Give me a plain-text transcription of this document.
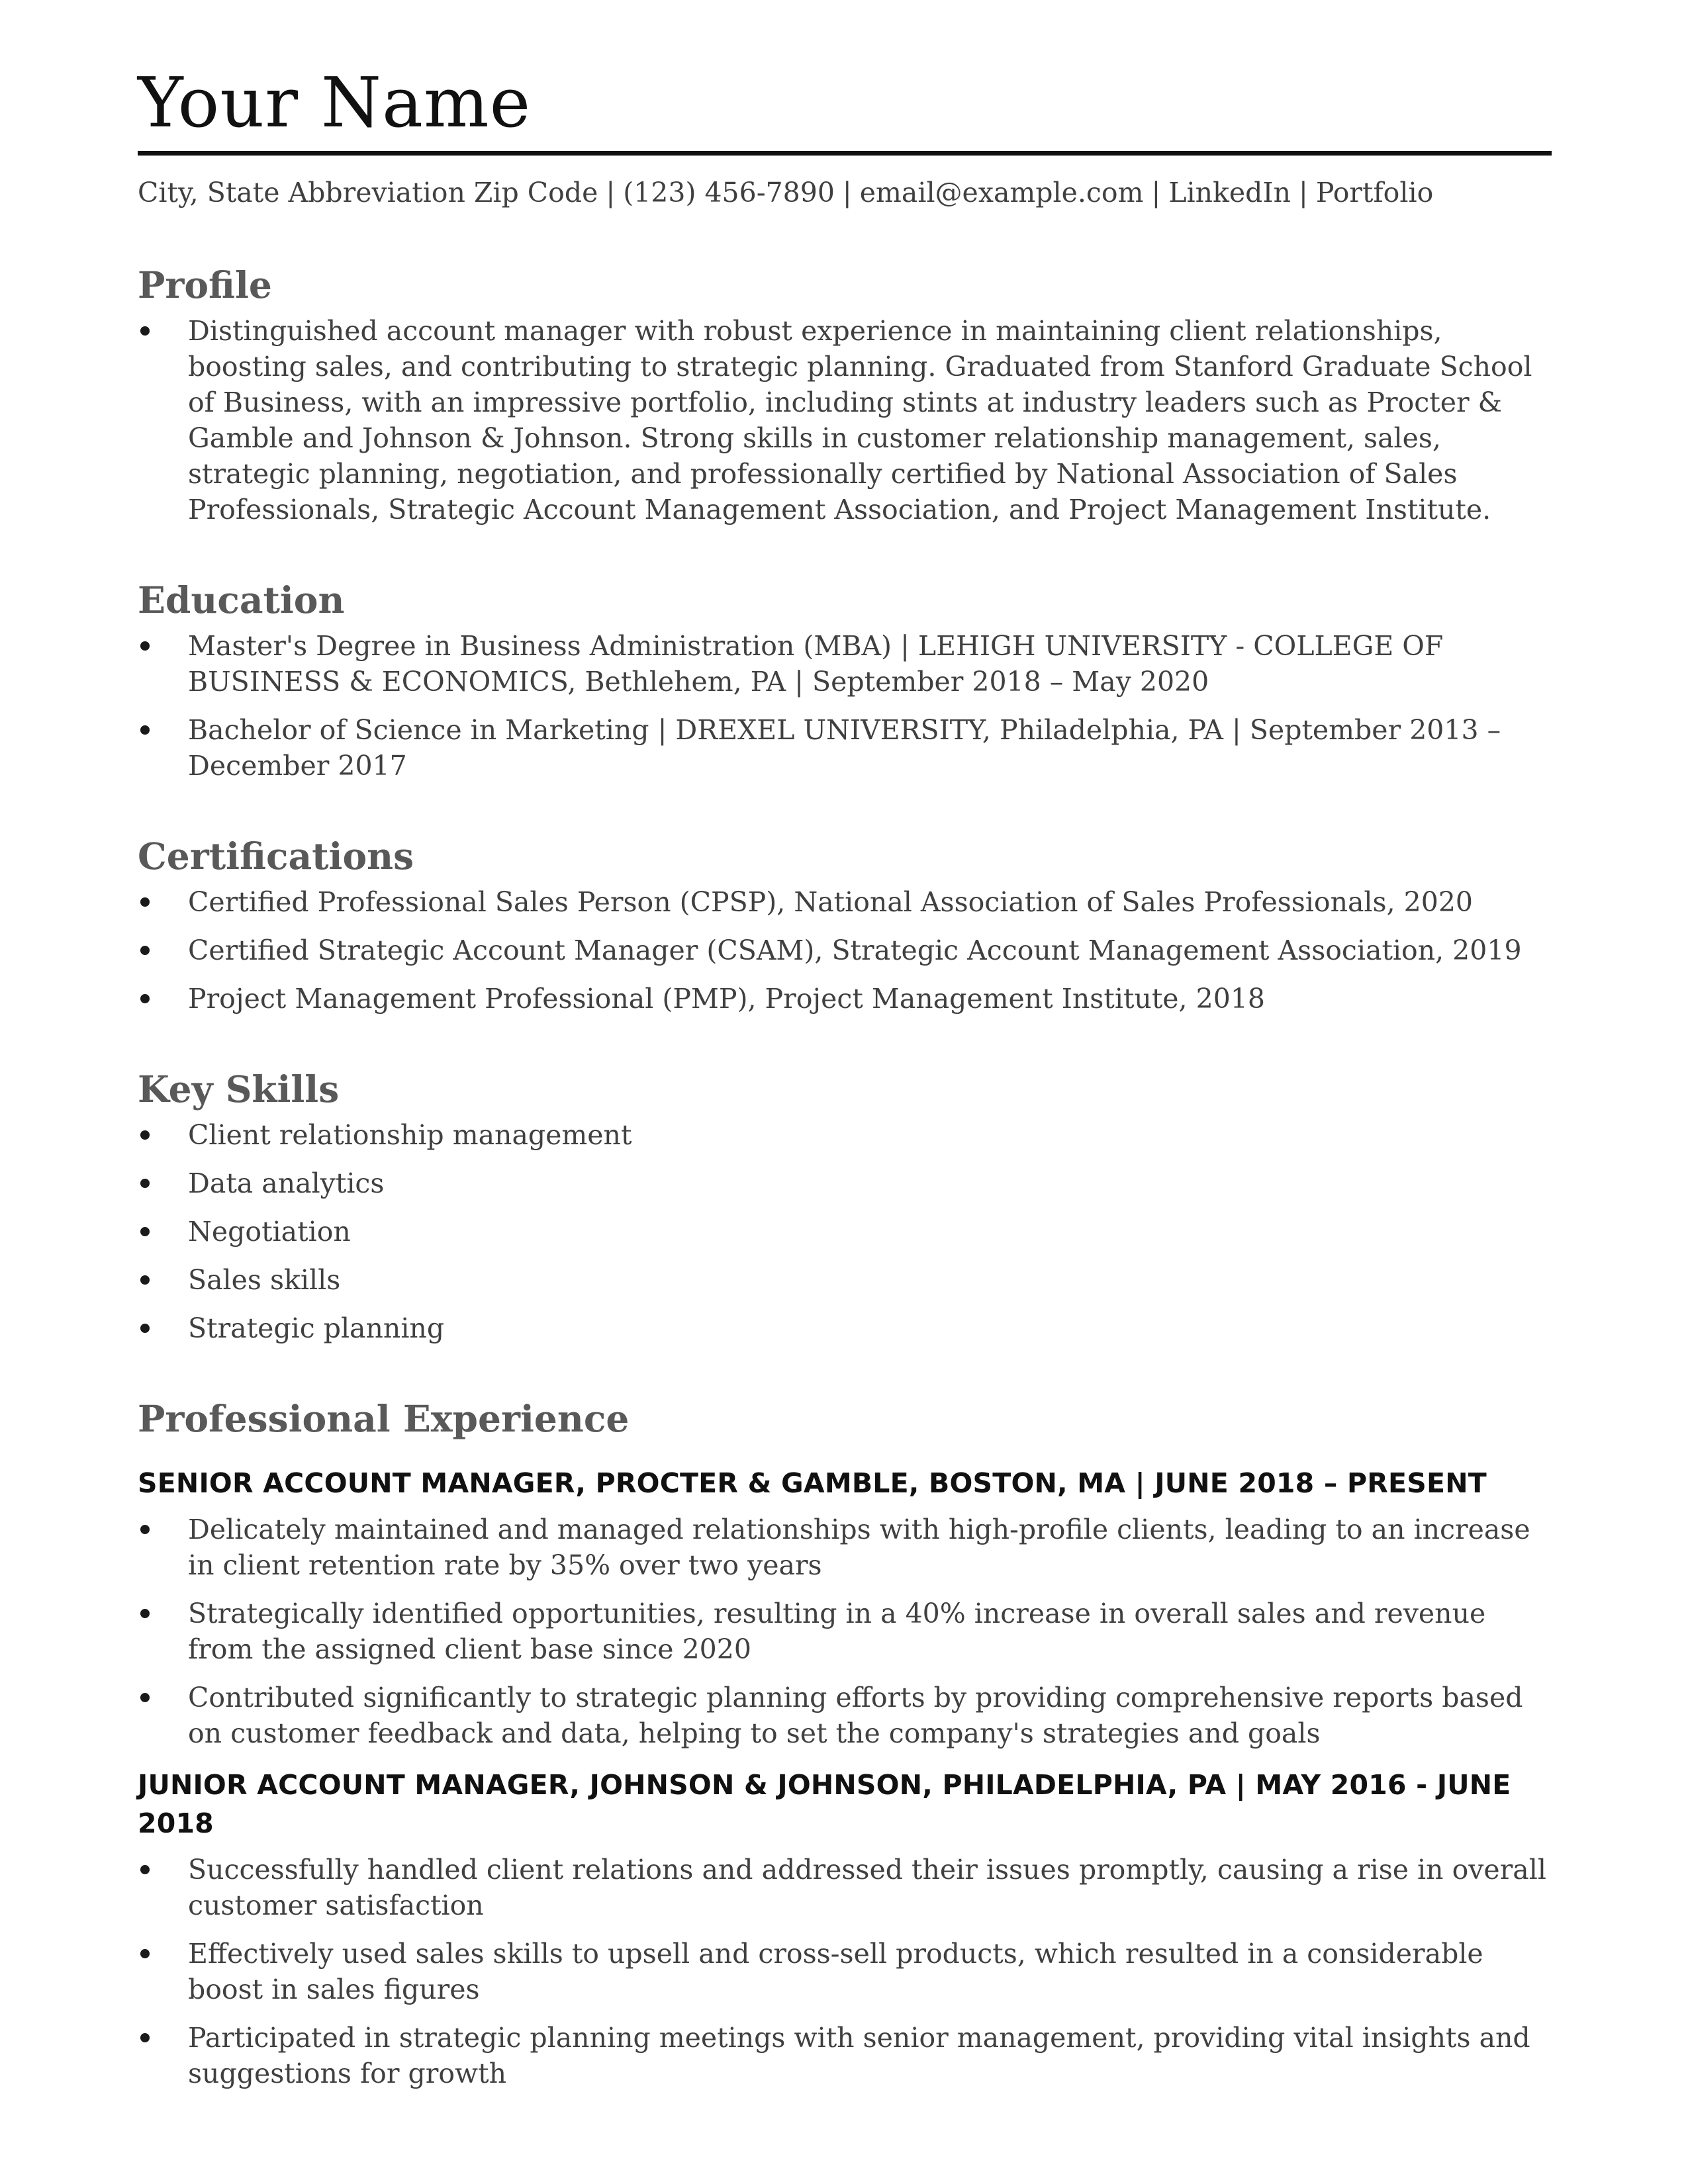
Your Name
City, State Abbreviation Zip Code | (123) 456-7890 | email@example.com | LinkedIn | Portfolio
Profile
Distinguished account manager with robust experience in maintaining client relationships, boosting sales, and contributing to strategic planning. Graduated from Stanford Graduate School of Business, with an impressive portfolio, including stints at industry leaders such as Procter & Gamble and Johnson & Johnson. Strong skills in customer relationship management, sales, strategic planning, negotiation, and professionally certified by National Association of Sales Professionals, Strategic Account Management Association, and Project Management Institute.
Education
Master's Degree in Business Administration (MBA) | LEHIGH UNIVERSITY - COLLEGE OF BUSINESS & ECONOMICS, Bethlehem, PA | September 2018 – May 2020
Bachelor of Science in Marketing | DREXEL UNIVERSITY, Philadelphia, PA | September 2013 – December 2017
Certifications
Certified Professional Sales Person (CPSP), National Association of Sales Professionals, 2020
Certified Strategic Account Manager (CSAM), Strategic Account Management Association, 2019
Project Management Professional (PMP), Project Management Institute, 2018
Key Skills
Client relationship management
Data analytics
Negotiation
Sales skills
Strategic planning
Professional Experience
SENIOR ACCOUNT MANAGER, PROCTER & GAMBLE, BOSTON, MA | JUNE 2018 – PRESENT
Delicately maintained and managed relationships with high-profile clients, leading to an increase in client retention rate by 35% over two years
Strategically identified opportunities, resulting in a 40% increase in overall sales and revenue from the assigned client base since 2020
Contributed significantly to strategic planning efforts by providing comprehensive reports based on customer feedback and data, helping to set the company's strategies and goals
JUNIOR ACCOUNT MANAGER, JOHNSON & JOHNSON, PHILADELPHIA, PA | MAY 2016 - JUNE 2018
Successfully handled client relations and addressed their issues promptly, causing a rise in overall customer satisfaction
Effectively used sales skills to upsell and cross-sell products, which resulted in a considerable boost in sales figures
Participated in strategic planning meetings with senior management, providing vital insights and suggestions for growth
